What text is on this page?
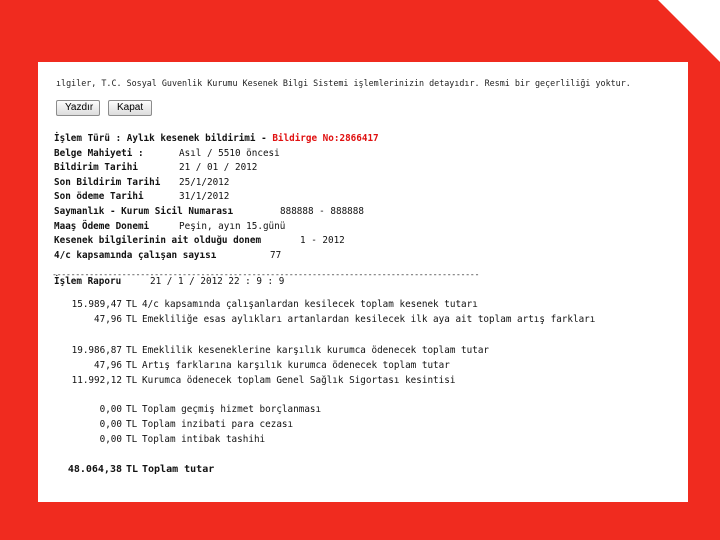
ılgiler, T.C. Sosyal Guvenlik Kurumu Kesenek Bilgi Sistemi işlemlerinizin detayıdır. Resmi bir geçerliliği yoktur.
Yazdır	Kapat
İşlem Türü : Aylık kesenek bildirimi - Bildirge No:2866417
Belge Mahiyeti :	Asıl / 5510 öncesi
Bildirim Tarihi	21 / 01 / 2012
Son Bildirim Tarihi 25/1/2012
Son ödeme Tarihi	31/1/2012
Saymanlık - Kurum Sicil Numarası	888888 - 888888
Maaş Ödeme Donemi	Peşin, ayın 15.günü
Kesenek bilgilerinin ait olduğu donem	1 - 2012
4/c kapsamında çalışan sayısı	77
--------------------------------------------------------------------------------------------
İşlem Raporu	21 / 1 / 2012 22 : 9 : 9
15.989,47 TL 4/c kapsamında çalışanlardan kesilecek toplam kesenek tutarı
47,96 TL Emekliliğe esas aylıkları artanlardan kesilecek ilk aya ait toplam artış farkları
19.986,87 TL Emeklilik keseneklerine karşılık kurumca ödenecek toplam tutar
47,96 TL Artış farklarına karşılık kurumca ödenecek toplam tutar
11.992,12 TL Kurumca ödenecek toplam Genel Sağlık Sigortası kesintisi
0,00 TL Toplam geçmiş hizmet borçlanması
0,00 TL Toplam inzibati para cezası
0,00 TL Toplam intibak tashihi
48.064,38 TL Toplam tutar
